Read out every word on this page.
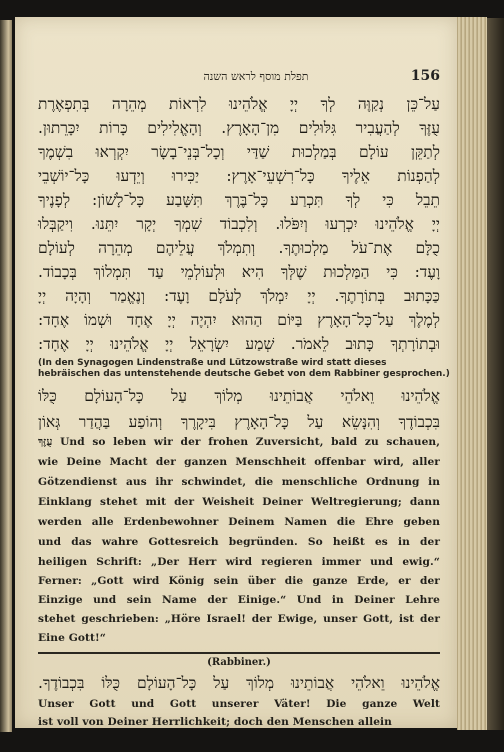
תפלת מוסף לראש השנה	156
עַל־כֵּן נְקַוֶּה לְךָ יְיָ אֱלֹהֵינוּ לִרְאוֹת מְהֵרָה בְּתִפְאֶרֶת
עֻזֶּךָ לְהַעֲבִיר גִּלּוּלִים מִן־הָאָרֶץ. וְהָאֱלִילִים כָּרוֹת יִכָּרֵתוּן.
לְתַקֵּן עוֹלָם בְּמַלְכוּת שַׁדַּי וְכָל־בְּנֵי־בָשָׂר יִקְרְאוּ בִשְׁמֶךָ
לְהַפְנוֹת אֵלֶיךָ כָּל־רִשְׁעֵי־אָרֶץ: יַכִּירוּ וְיֵדְעוּ כָּל־יוֹשְׁבֵי
תֵבֵל כִּי לְךָ תִּכְרַע כָּל־בֶּרֶךְ תִּשָּׁבַע כָּל־לָשׁוֹן: לְפָנֶיךָ
יְיָ אֱלֹהֵינוּ יִכְרְעוּ וְיִפֹּלוּ. וְלִכְבוֹד שִׁמְךָ יְקָר יִתֵּנוּ. וִיקַבְּלוּ
כֻלָּם אֶת־עֹל מַלְכוּתֶךָ. וְתִמְלֹךְ עֲלֵיהֶם מְהֵרָה לְעוֹלָם
וָעֶד: כִּי הַמַּלְכוּת שֶׁלְּךָ הִיא וּלְעוֹלְמֵי עַד תִּמְלוֹךְ בְּכָבוֹד.
כַּכָּתוּב בְּתוֹרָתֶךָ. יְיָ יִמְלֹךְ לְעֹלָם וָעֶד: וְנֶאֱמַר וְהָיָה יְיָ
לְמֶלֶךְ עַל־כָּל־הָאָרֶץ בַּיּוֹם הַהוּא יִהְיֶה יְיָ אֶחָד וּשְׁמוֹ אֶחָד:
וּבְתוֹרָתְךָ כָּתוּב לֵאמֹר. שְׁמַע יִשְׂרָאֵל יְיָ אֱלֹהֵינוּ יְיָ אֶחָד:
(In den Synagogen Lindenstraße und Lützowstraße wird statt dieses
hebräischen das untenstehende deutsche Gebet von dem Rabbiner gesprochen.)
אֱלֹהֵינוּ וֵאלֹהֵי אֲבוֹתֵינוּ מְלוֹךְ עַל כָּל־הָעוֹלָם כֻּלּוֹ
בִּכְבוֹדֶךָ וְהִנָּשֵׂא עַל כָּל־הָאָרֶץ בִּיקָרֶךָ וְהוֹפַע בַּהֲדַר גְּאוֹן
עֻזֶּךָ Und so leben wir der frohen Zuversicht, bald zu schauen,
wie Deine Macht der ganzen Menschheit offenbar wird, aller
Götzendienst aus ihr schwindet, die menschliche Ordnung in
Einklang stehet mit der Weisheit Deiner Weltregierung; dann
werden alle Erdenbewohner Deinem Namen die Ehre geben
und das wahre Gottesreich begründen. So heißt es in der
heiligen Schrift: „Der Herr wird regieren immer und ewig.“
Ferner: „Gott wird König sein über die ganze Erde, er der
Einzige und sein Name der Einige.“ Und in Deiner Lehre
stehet geschrieben: „Höre Israel! der Ewige, unser Gott, ist der
Eine Gott!“
(Rabbiner.)
אֱלֹהֵינוּ וֵאלֹהֵי אֲבוֹתֵינוּ מְלוֹךְ עַל כָּל־הָעוֹלָם כֻּלּוֹ בִּכְבוֹדֶךָ.
Unser Gott und Gott unserer Väter! Die ganze Welt
ist voll von Deiner Herrlichkeit; doch den Menschen allein
